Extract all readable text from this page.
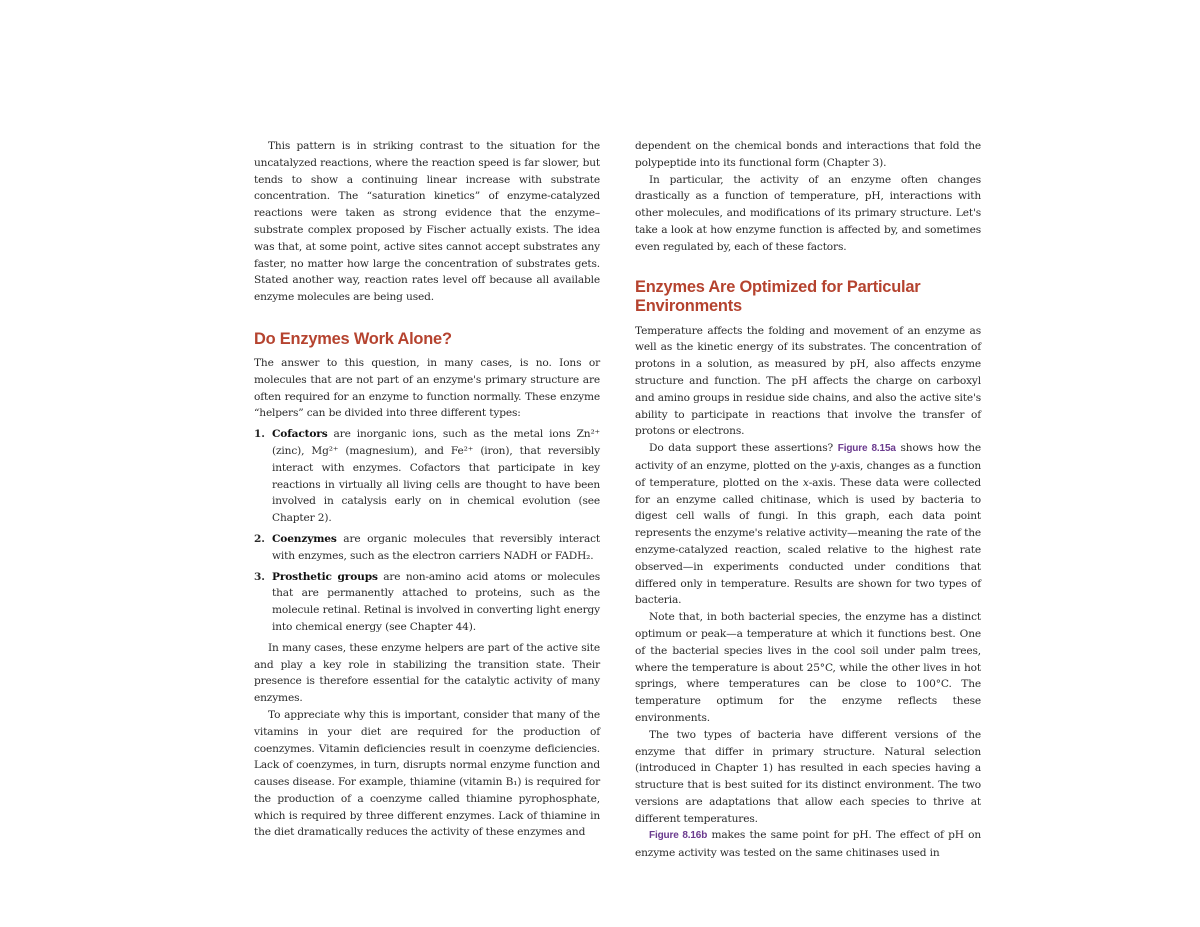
This pattern is in striking contrast to the situation for the uncatalyzed reactions, where the reaction speed is far slower, but tends to show a continuing linear increase with substrate concentration. The “saturation kinetics” of enzyme-catalyzed reactions were taken as strong evidence that the enzyme–substrate complex proposed by Fischer actually exists. The idea was that, at some point, active sites cannot accept substrates any faster, no matter how large the concentration of substrates gets. Stated another way, reaction rates level off because all available enzyme molecules are being used.

Do Enzymes Work Alone?

The answer to this question, in many cases, is no. Ions or molecules that are not part of an enzyme's primary structure are often required for an enzyme to function normally. These enzyme “helpers” can be divided into three different types:

1. Cofactors are inorganic ions, such as the metal ions Zn²⁺ (zinc), Mg²⁺ (magnesium), and Fe²⁺ (iron), that reversibly interact with enzymes. Cofactors that participate in key reactions in virtually all living cells are thought to have been involved in catalysis early on in chemical evolution (see Chapter 2).
2. Coenzymes are organic molecules that reversibly interact with enzymes, such as the electron carriers NADH or FADH₂.
3. Prosthetic groups are non-amino acid atoms or molecules that are permanently attached to proteins, such as the molecule retinal. Retinal is involved in converting light energy into chemical energy (see Chapter 44).

In many cases, these enzyme helpers are part of the active site and play a key role in stabilizing the transition state. Their presence is therefore essential for the catalytic activity of many enzymes.

To appreciate why this is important, consider that many of the vitamins in your diet are required for the production of coenzymes. Vitamin deficiencies result in coenzyme deficiencies. Lack of coenzymes, in turn, disrupts normal enzyme function and causes disease. For example, thiamine (vitamin B₁) is required for the production of a coenzyme called thiamine pyrophosphate, which is required by three different enzymes. Lack of thiamine in the diet dramatically reduces the activity of these enzymes and

dependent on the chemical bonds and interactions that fold the polypeptide into its functional form (Chapter 3).

In particular, the activity of an enzyme often changes drastically as a function of temperature, pH, interactions with other molecules, and modifications of its primary structure. Let's take a look at how enzyme function is affected by, and sometimes even regulated by, each of these factors.

Enzymes Are Optimized for Particular Environments

Temperature affects the folding and movement of an enzyme as well as the kinetic energy of its substrates. The concentration of protons in a solution, as measured by pH, also affects enzyme structure and function. The pH affects the charge on carboxyl and amino groups in residue side chains, and also the active site's ability to participate in reactions that involve the transfer of protons or electrons.

Do data support these assertions? Figure 8.15a shows how the activity of an enzyme, plotted on the y-axis, changes as a function of temperature, plotted on the x-axis. These data were collected for an enzyme called chitinase, which is used by bacteria to digest cell walls of fungi. In this graph, each data point represents the enzyme's relative activity—meaning the rate of the enzyme-catalyzed reaction, scaled relative to the highest rate observed—in experiments conducted under conditions that differed only in temperature. Results are shown for two types of bacteria.

Note that, in both bacterial species, the enzyme has a distinct optimum or peak—a temperature at which it functions best. One of the bacterial species lives in the cool soil under palm trees, where the temperature is about 25°C, while the other lives in hot springs, where temperatures can be close to 100°C. The temperature optimum for the enzyme reflects these environments.

The two types of bacteria have different versions of the enzyme that differ in primary structure. Natural selection (introduced in Chapter 1) has resulted in each species having a structure that is best suited for its distinct environment. The two versions are adaptations that allow each species to thrive at different temperatures.

Figure 8.16b makes the same point for pH. The effect of pH on enzyme activity was tested on the same chitinases used in
